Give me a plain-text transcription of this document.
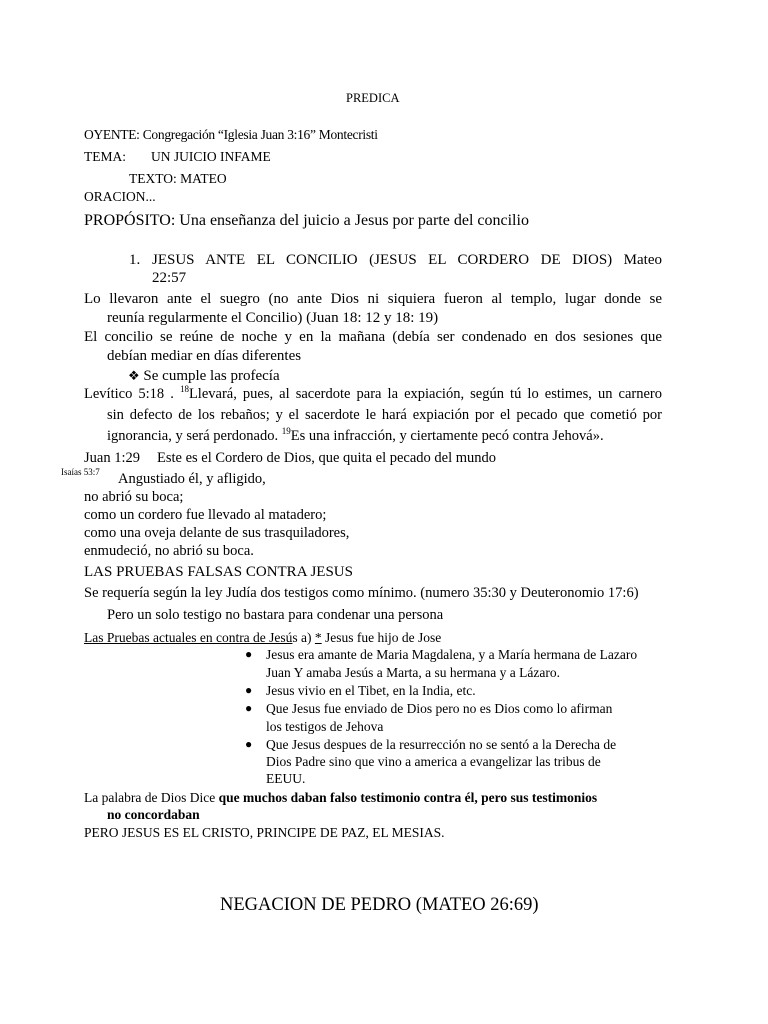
PREDICA
OYENTE: Congregación “Iglesia Juan 3:16” Montecristi
TEMA: UN JUICIO INFAME
TEXTO: MATEO
ORACION...
PROPÓSITO: Una enseñanza del juicio a Jesus por parte del concilio
1. JESUS ANTE EL CONCILIO (JESUS EL CORDERO DE DIOS) Mateo
22:57
Lo llevaron ante el suegro (no ante Dios ni siquiera fueron al templo, lugar donde se
reunía regularmente el Concilio) (Juan 18: 12 y 18: 19)
El concilio se reúne de noche y en la mañana (debía ser condenado en dos sesiones que
debían mediar en días diferentes
❖ Se cumple las profecía
Levítico 5:18 . $^{18}$Llevará, pues, al sacerdote para la expiación, según tú lo estimes, un carnero
sin defecto de los rebaños; y el sacerdote le hará expiación por el pecado que cometió por
ignorancia, y será perdonado. $^{19}$Es una infracción, y ciertamente pecó contra Jehová».
Juan 1:29 Este es el Cordero de Dios, que quita el pecado del mundo
Isaías 53:7 Angustiado él, y afligido,
no abrió su boca;
como un cordero fue llevado al matadero;
como una oveja delante de sus trasquiladores,
enmudeció, no abrió su boca.
LAS PRUEBAS FALSAS CONTRA JESUS
Se requería según la ley Judía dos testigos como mínimo. (numero 35:30 y Deuteronomio 17:6)
Pero un solo testigo no bastara para condenar una persona
Las Pruebas actuales en contra de Jesús a) * Jesus fue hijo de Jose
● Jesus era amante de Maria Magdalena, y a María hermana de Lazaro
Juan Y amaba Jesús a Marta, a su hermana y a Lázaro.
● Jesus vivio en el Tibet, en la India, etc.
● Que Jesus fue enviado de Dios pero no es Dios como lo afirman
los testigos de Jehova
● Que Jesus despues de la resurrección no se sentó a la Derecha de
Dios Padre sino que vino a america a evangelizar las tribus de
EEUU.
La palabra de Dios Dice que muchos daban falso testimonio contra él, pero sus testimonios
no concordaban
PERO JESUS ES EL CRISTO, PRINCIPE DE PAZ, EL MESIAS.
NEGACION DE PEDRO (MATEO 26:69)
